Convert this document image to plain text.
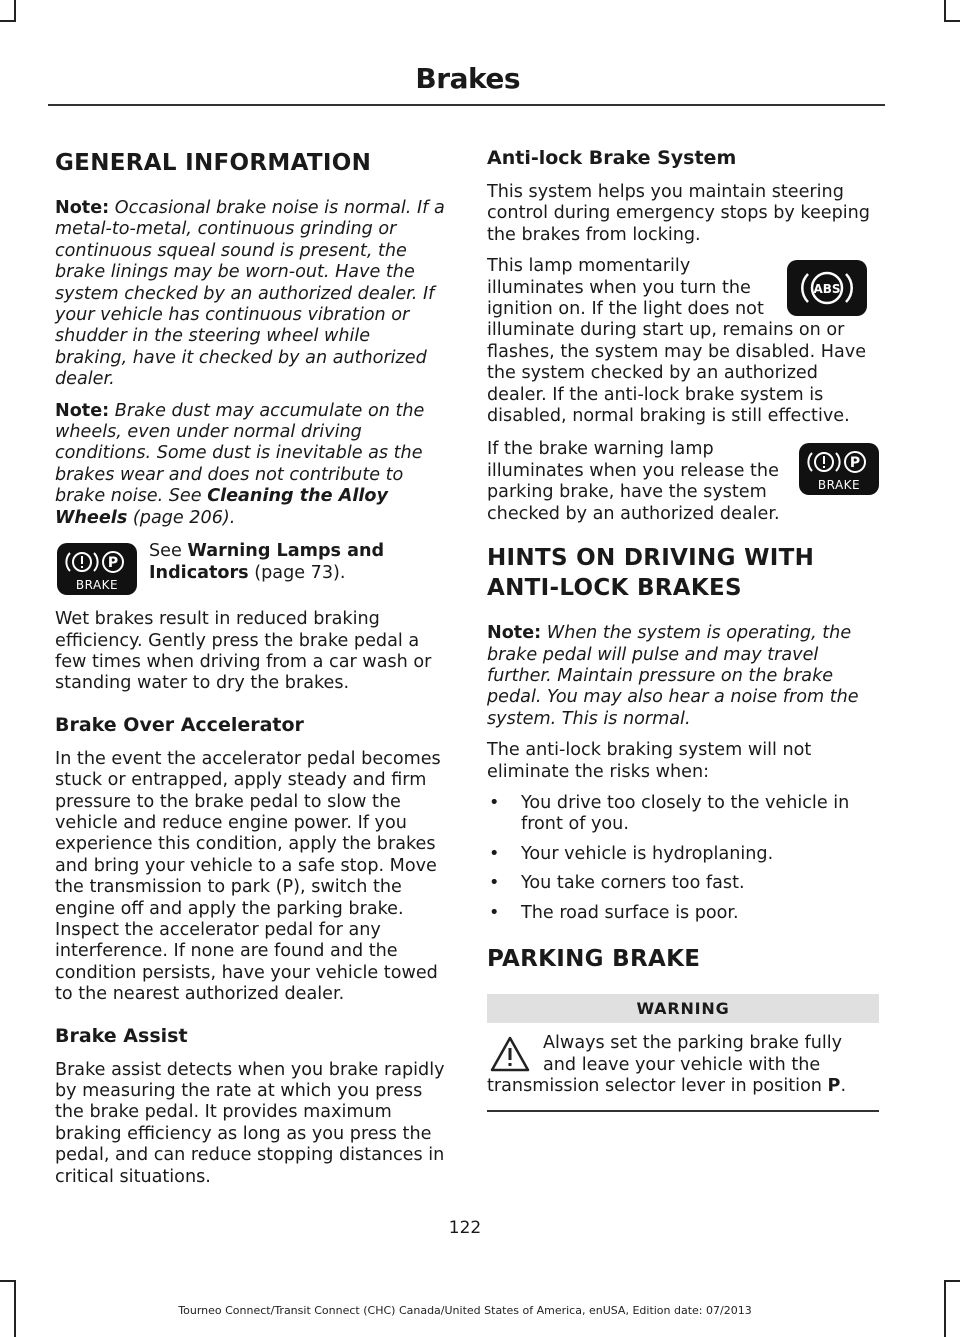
Brakes
GENERAL INFORMATION

Note: Occasional brake noise is normal. If a metal-to-metal, continuous grinding or continuous squeal sound is present, the brake linings may be worn-out. Have the system checked by an authorized dealer. If your vehicle has continuous vibration or shudder in the steering wheel while braking, have it checked by an authorized dealer.

Note: Brake dust may accumulate on the wheels, even under normal driving conditions. Some dust is inevitable as the brakes wear and does not contribute to brake noise. See Cleaning the Alloy Wheels (page 206).

P
BRAKE
See Warning Lamps and Indicators (page 73).

Wet brakes result in reduced braking efficiency. Gently press the brake pedal a few times when driving from a car wash or standing water to dry the brakes.

Brake Over Accelerator

In the event the accelerator pedal becomes stuck or entrapped, apply steady and firm pressure to the brake pedal to slow the vehicle and reduce engine power. If you experience this condition, apply the brakes and bring your vehicle to a safe stop. Move the transmission to park (P), switch the engine off and apply the parking brake. Inspect the accelerator pedal for any interference. If none are found and the condition persists, have your vehicle towed to the nearest authorized dealer.

Brake Assist

Brake assist detects when you brake rapidly by measuring the rate at which you press the brake pedal. It provides maximum braking efficiency as long as you press the pedal, and can reduce stopping distances in critical situations.

Anti-lock Brake System

This system helps you maintain steering control during emergency stops by keeping the brakes from locking.

ABS

This lamp momentarily illuminates when you turn the ignition on. If the light does not illuminate during start up, remains on or flashes, the system may be disabled. Have the system checked by an authorized dealer. If the anti-lock brake system is disabled, normal braking is still effective.

P
BRAKE

If the brake warning lamp illuminates when you release the parking brake, have the system checked by an authorized dealer.

HINTS ON DRIVING WITH ANTI-LOCK BRAKES

Note: When the system is operating, the brake pedal will pulse and may travel further. Maintain pressure on the brake pedal. You may also hear a noise from the system. This is normal.

The anti-lock braking system will not eliminate the risks when:

• You drive too closely to the vehicle in front of you.
• Your vehicle is hydroplaning.
• You take corners too fast.
• The road surface is poor.
PARKING BRAKE
WARNING

Always set the parking brake fully and leave your vehicle with the transmission selector lever in position P.

122
Tourneo Connect/Transit Connect (CHC) Canada/United States of America, enUSA, Edition date: 07/2013
